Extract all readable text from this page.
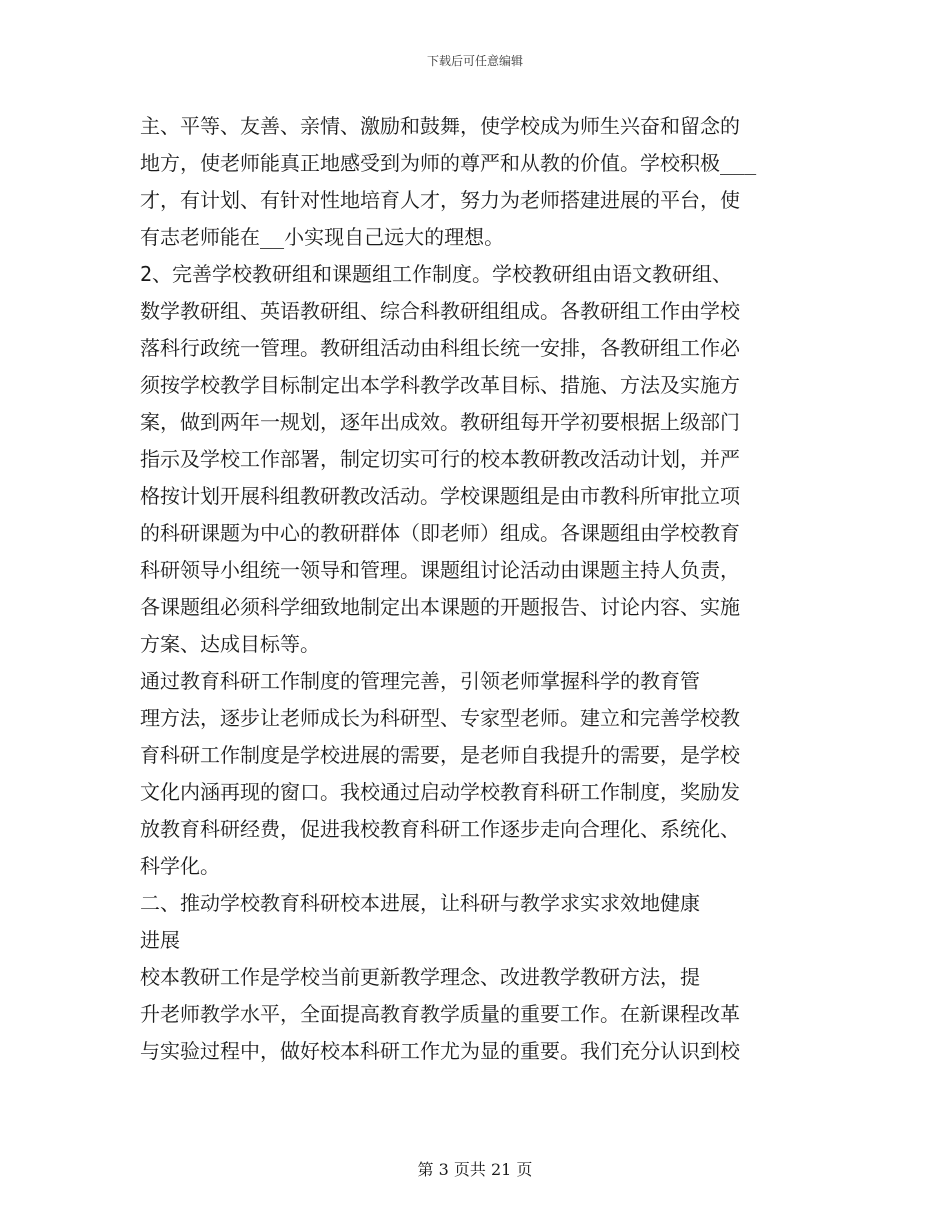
下载后可任意编辑
主、平等、友善、亲情、激励和鼓舞，使学校成为师生兴奋和留念的
地方，使老师能真正地感受到为师的尊严和从教的价值。学校积极___
才，有计划、有针对性地培育人才，努力为老师搭建进展的平台，使
有志老师能在__小实现自己远大的理想。
2、完善学校教研组和课题组工作制度。学校教研组由语文教研组、
数学教研组、英语教研组、综合科教研组组成。各教研组工作由学校
落科行政统一管理。教研组活动由科组长统一安排，各教研组工作必
须按学校教学目标制定出本学科教学改革目标、措施、方法及实施方
案，做到两年一规划，逐年出成效。教研组每开学初要根据上级部门
指示及学校工作部署，制定切实可行的校本教研教改活动计划，并严
格按计划开展科组教研教改活动。学校课题组是由市教科所审批立项
的科研课题为中心的教研群体（即老师）组成。各课题组由学校教育
科研领导小组统一领导和管理。课题组讨论活动由课题主持人负责，
各课题组必须科学细致地制定出本课题的开题报告、讨论内容、实施
方案、达成目标等。
通过教育科研工作制度的管理完善，引领老师掌握科学的教育管
理方法，逐步让老师成长为科研型、专家型老师。建立和完善学校教
育科研工作制度是学校进展的需要，是老师自我提升的需要，是学校
文化内涵再现的窗口。我校通过启动学校教育科研工作制度，奖励发
放教育科研经费，促进我校教育科研工作逐步走向合理化、系统化、
科学化。
二、推动学校教育科研校本进展，让科研与教学求实求效地健康
进展
校本教研工作是学校当前更新教学理念、改进教学教研方法，提
升老师教学水平，全面提高教育教学质量的重要工作。在新课程改革
与实验过程中，做好校本科研工作尤为显的重要。我们充分认识到校
第 3 页共 21 页
